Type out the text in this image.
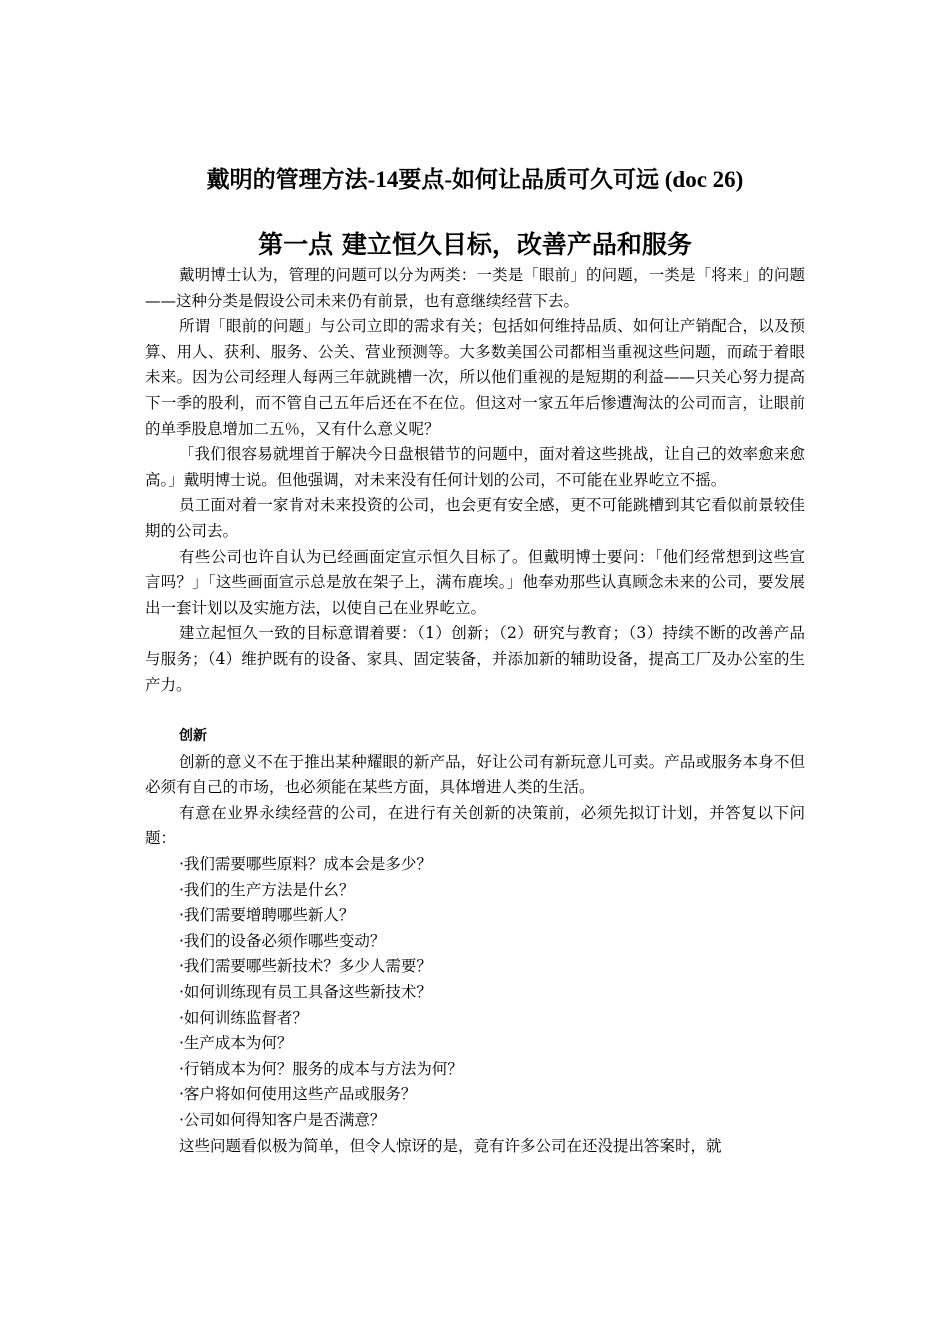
戴明的管理方法-14要点-如何让品质可久可远 (doc 26)
第一点 建立恒久目标，改善产品和服务

戴明博士认为，管理的问题可以分为两类：一类是「眼前」的问题，一类是「将来」的问题——这种分类是假设公司未来仍有前景，也有意继续经营下去。

所谓「眼前的问题」与公司立即的需求有关；包括如何维持品质、如何让产销配合，以及预算、用人、获利、服务、公关、营业预测等。大多数美国公司都相当重视这些问题，而疏于着眼未来。因为公司经理人每两三年就跳槽一次，所以他们重视的是短期的利益——只关心努力提高下一季的股利，而不管自己五年后还在不在位。但这对一家五年后惨遭淘汰的公司而言，让眼前的单季股息增加二五％，又有什么意义呢？

「我们很容易就埋首于解决今日盘根错节的问题中，面对着这些挑战，让自己的效率愈来愈高。」戴明博士说。但他强调，对未来没有任何计划的公司，不可能在业界屹立不摇。

员工面对着一家肯对未来投资的公司，也会更有安全感，更不可能跳槽到其它看似前景较佳期的公司去。

有些公司也许自认为已经画面定宣示恒久目标了。但戴明博士要问：「他们经常想到这些宣言吗？」「这些画面宣示总是放在架子上，满布鹿埃。」他奉劝那些认真顾念未来的公司，要发展出一套计划以及实施方法，以使自己在业界屹立。

建立起恒久一致的目标意谓着要：（1）创新；（2）研究与教育；（3）持续不断的改善产品与服务；（4）维护既有的设备、家具、固定装备，并添加新的辅助设备，提高工厂及办公室的生产力。

创新

创新的意义不在于推出某种耀眼的新产品，好让公司有新玩意儿可卖。产品或服务本身不但必须有自己的市场，也必须能在某些方面，具体增进人类的生活。

有意在业界永续经营的公司，在进行有关创新的决策前，必须先拟订计划，并答复以下问题：

·我们需要哪些原料？成本会是多少？
·我们的生产方法是什幺？
·我们需要增聘哪些新人？
·我们的设备必须作哪些变动？
·我们需要哪些新技术？多少人需要？
·如何训练现有员工具备这些新技术？
·如何训练监督者？
·生产成本为何？
·行销成本为何？服务的成本与方法为何？
·客户将如何使用这些产品或服务？
·公司如何得知客户是否满意？

这些问题看似极为简单，但令人惊讶的是，竟有许多公司在还没提出答案时，就
